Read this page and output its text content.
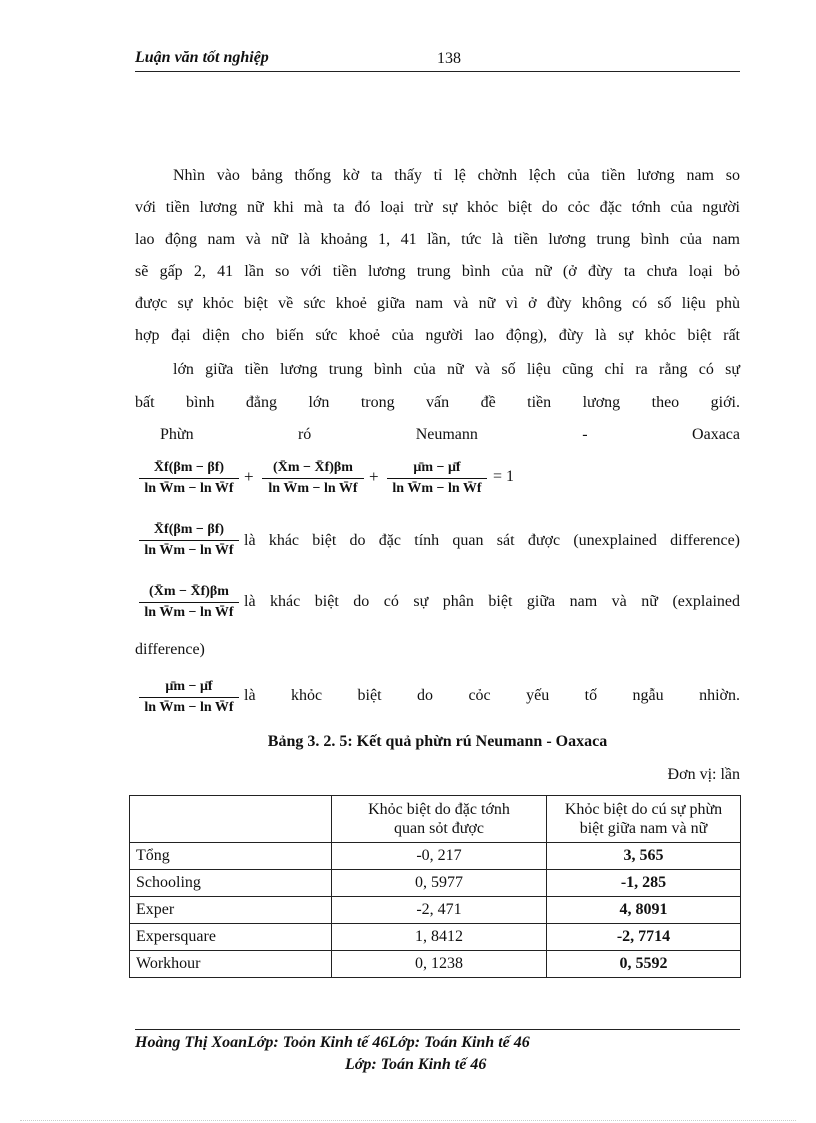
Luận văn tốt nghiệp	138
Nhìn vào bảng thống kờ ta thấy tỉ lệ chờnh lệch của tiền lương nam so
với tiền lương nữ khi mà ta đó loại trừ sự khỏc biệt do cỏc đặc tớnh của người
lao động nam và nữ là khoảng 1, 41 lần, tức là tiền lương trung bình của nam
sẽ gấp 2, 41 lần so với tiền lương trung bình của nữ (ở đừy ta chưa loại bỏ
được sự khỏc biệt về sức khoẻ giữa nam và nữ vì ở đừy không có số liệu phù
hợp đại diện cho biến sức khoẻ của người lao động), đừy là sự khỏc biệt rất
lớn giữa tiền lương trung bình của nữ và số liệu cũng chỉ ra rằng có sự
bất bình đẳng lớn trong vấn đề tiền lương theo giới.
Phừn ró Neumann - Oaxaca
$\frac{X̄f(\beta m - \beta f)}{\text{ln W̄m − ln W̄f}} + \frac{(X̄m - X̄f)\beta m}{\text{ln W̄m − ln W̄f}} + \frac{\mūm - \mūf}{\text{ln W̄m − ln W̄f}} = 1$
$\frac{X̄f(\beta m - \beta f)}{\text{ln W̄m − ln W̄f}}$ là khác biệt do đặc tính quan sát được (unexplained difference)
$\frac{(X̄m - X̄f)\beta m}{\text{ln W̄m − ln W̄f}}$ là khác biệt do có sự phân biệt giữa nam và nữ (explained
difference)
$\frac{\mūm - \mūf}{\text{ln W̄m − ln W̄f}}$ là khỏc biệt do cỏc yếu tố ngẫu nhiờn.
Bảng 3. 2. 5: Kết quả phừn rú Neumann - Oaxaca
Đơn vị: lần
	Khỏc biệt do đặc tớnh
quan sỏt được	Khỏc biệt do cú sự phừn
biệt giữa nam và nữ
Tổng	-0, 217	3, 565
Schooling	0, 5977	-1, 285
Exper	-2, 471	4, 8091
Expersquare	1, 8412	-2, 7714
Workhour	0, 1238	0, 5592
Hoàng Thị XoanLớp: Toỏn Kinh tế 46Lớp: Toán Kinh tế 46
Lớp: Toán Kinh tế 46
